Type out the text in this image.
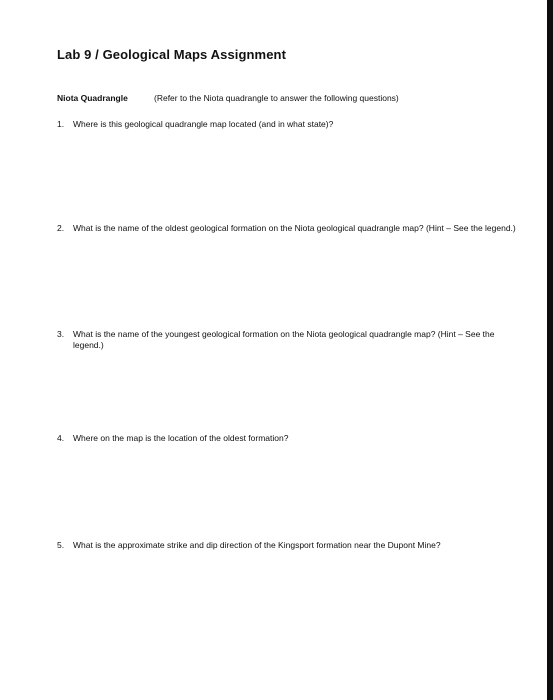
Lab 9 / Geological Maps Assignment
Niota Quadrangle	(Refer to the Niota quadrangle to answer the following questions)
1. Where is this geological quadrangle map located (and in what state)?
2. What is the name of the oldest geological formation on the Niota geological quadrangle map? (Hint – See the legend.)
3. What is the name of the youngest geological formation on the Niota geological quadrangle map? (Hint – See the legend.)
4. Where on the map is the location of the oldest formation?
5. What is the approximate strike and dip direction of the Kingsport formation near the Dupont Mine?
